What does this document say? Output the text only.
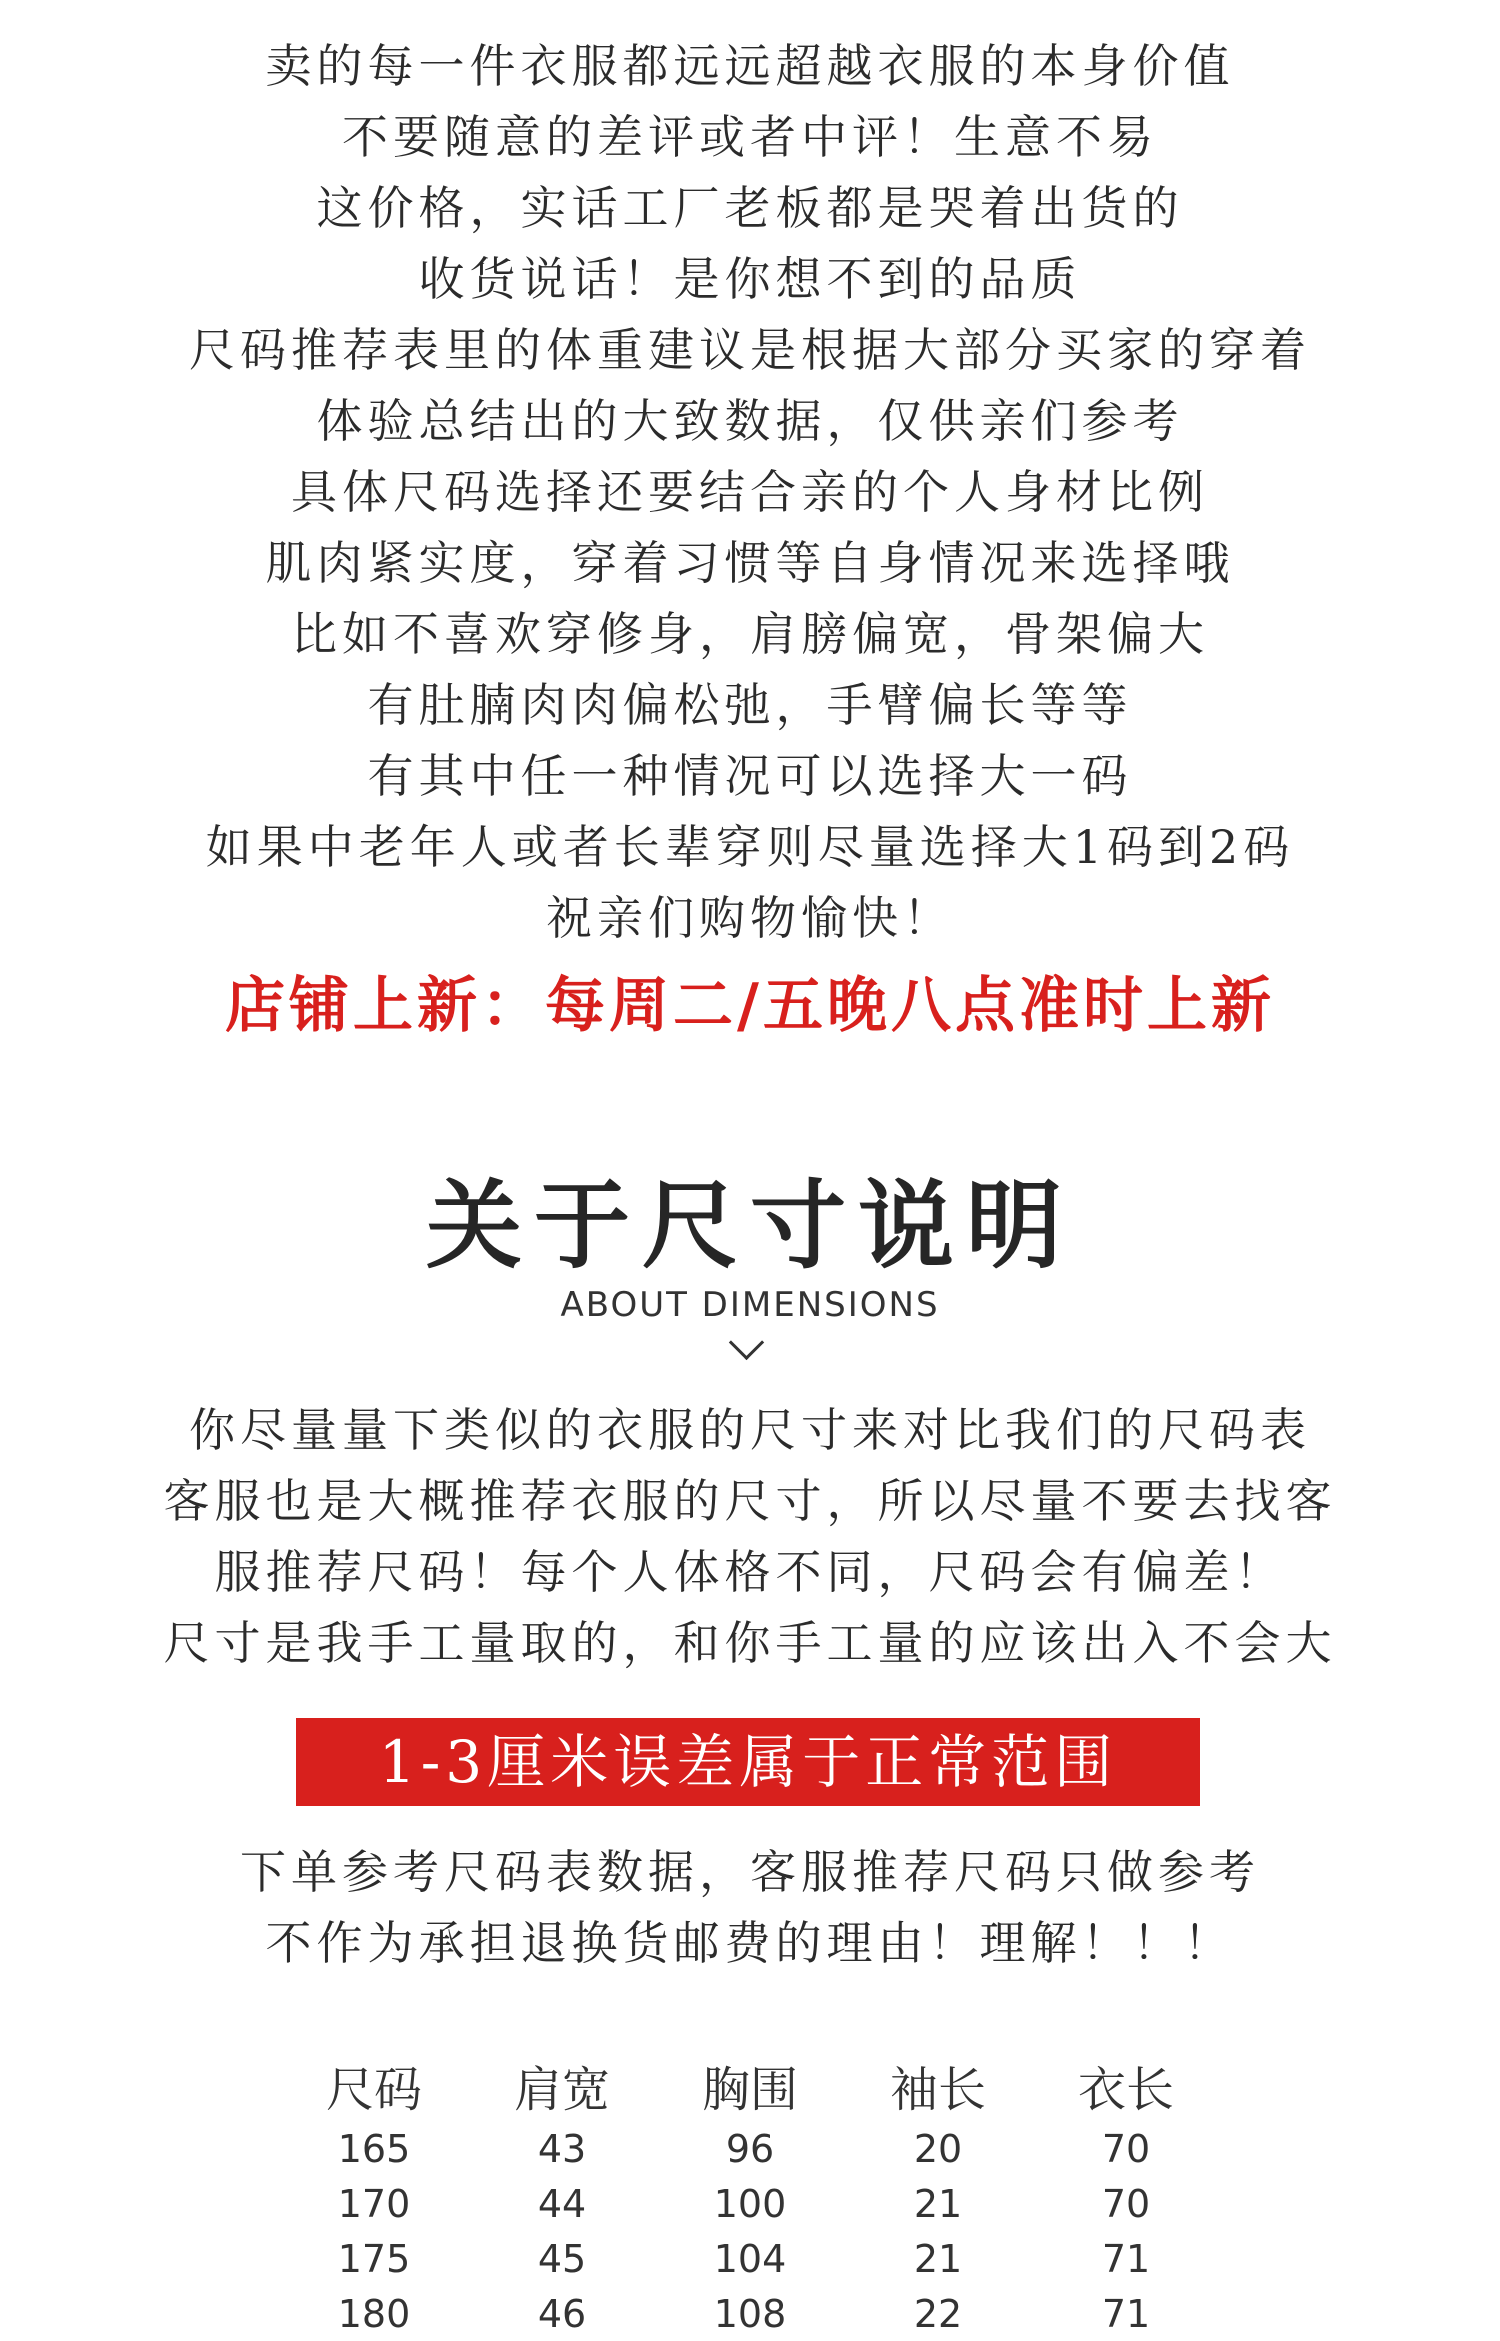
卖的每一件衣服都远远超越衣服的本身价值
不要随意的差评或者中评！生意不易
这价格，实话工厂老板都是哭着出货的
收货说话！是你想不到的品质
尺码推荐表里的体重建议是根据大部分买家的穿着
体验总结出的大致数据，仅供亲们参考
具体尺码选择还要结合亲的个人身材比例
肌肉紧实度，穿着习惯等自身情况来选择哦
比如不喜欢穿修身，肩膀偏宽，骨架偏大
有肚腩肉肉偏松弛，手臂偏长等等
有其中任一种情况可以选择大一码
如果中老年人或者长辈穿则尽量选择大1码到2码
祝亲们购物愉快！
店铺上新：每周二/五晚八点准时上新
关于尺寸说明
ABOUT DIMENSIONS
你尽量量下类似的衣服的尺寸来对比我们的尺码表
客服也是大概推荐衣服的尺寸，所以尽量不要去找客
服推荐尺码！每个人体格不同，尺码会有偏差！
尺寸是我手工量取的，和你手工量的应该出入不会大
1-3厘米误差属于正常范围
下单参考尺码表数据，客服推荐尺码只做参考
不作为承担退换货邮费的理由！理解！！！
尺码	肩宽	胸围	袖长	衣长
165	43	96	20	70
170	44	100	21	70
175	45	104	21	71
180	46	108	22	71
